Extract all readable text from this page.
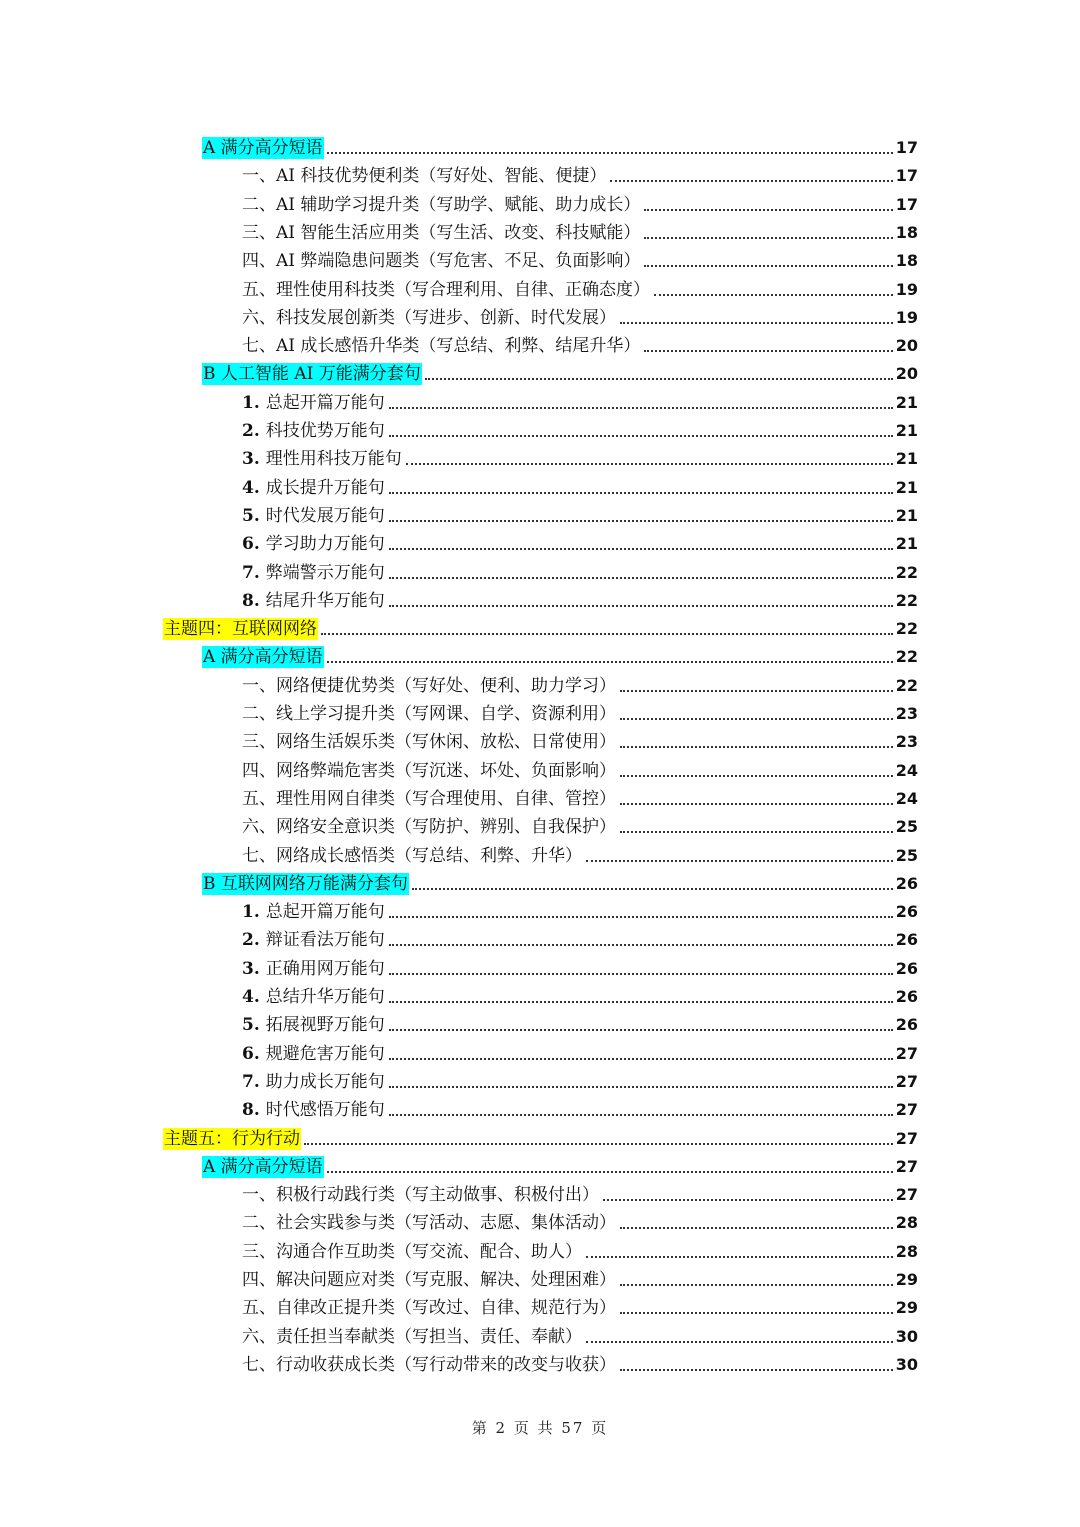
A 满分高分短语	17
一、AI 科技优势便利类（写好处、智能、便捷）	17
二、AI 辅助学习提升类（写助学、赋能、助力成长）	17
三、AI 智能生活应用类（写生活、改变、科技赋能）	18
四、AI 弊端隐患问题类（写危害、不足、负面影响）	18
五、理性使用科技类（写合理利用、自律、正确态度）	19
六、科技发展创新类（写进步、创新、时代发展）	19
七、AI 成长感悟升华类（写总结、利弊、结尾升华）	20
B 人工智能 AI 万能满分套句	20
1. 总起开篇万能句	21
2. 科技优势万能句	21
3. 理性用科技万能句	21
4. 成长提升万能句	21
5. 时代发展万能句	21
6. 学习助力万能句	21
7. 弊端警示万能句	22
8. 结尾升华万能句	22
主题四：互联网网络	22
A 满分高分短语	22
一、网络便捷优势类（写好处、便利、助力学习）	22
二、线上学习提升类（写网课、自学、资源利用）	23
三、网络生活娱乐类（写休闲、放松、日常使用）	23
四、网络弊端危害类（写沉迷、坏处、负面影响）	24
五、理性用网自律类（写合理使用、自律、管控）	24
六、网络安全意识类（写防护、辨别、自我保护）	25
七、网络成长感悟类（写总结、利弊、升华）	25
B 互联网网络万能满分套句	26
1. 总起开篇万能句	26
2. 辩证看法万能句	26
3. 正确用网万能句	26
4. 总结升华万能句	26
5. 拓展视野万能句	26
6. 规避危害万能句	27
7. 助力成长万能句	27
8. 时代感悟万能句	27
主题五：行为行动	27
A 满分高分短语	27
一、积极行动践行类（写主动做事、积极付出）	27
二、社会实践参与类（写活动、志愿、集体活动）	28
三、沟通合作互助类（写交流、配合、助人）	28
四、解决问题应对类（写克服、解决、处理困难）	29
五、自律改正提升类（写改过、自律、规范行为）	29
六、责任担当奉献类（写担当、责任、奉献）	30
七、行动收获成长类（写行动带来的改变与收获）	30
第 2 页 共 57 页
